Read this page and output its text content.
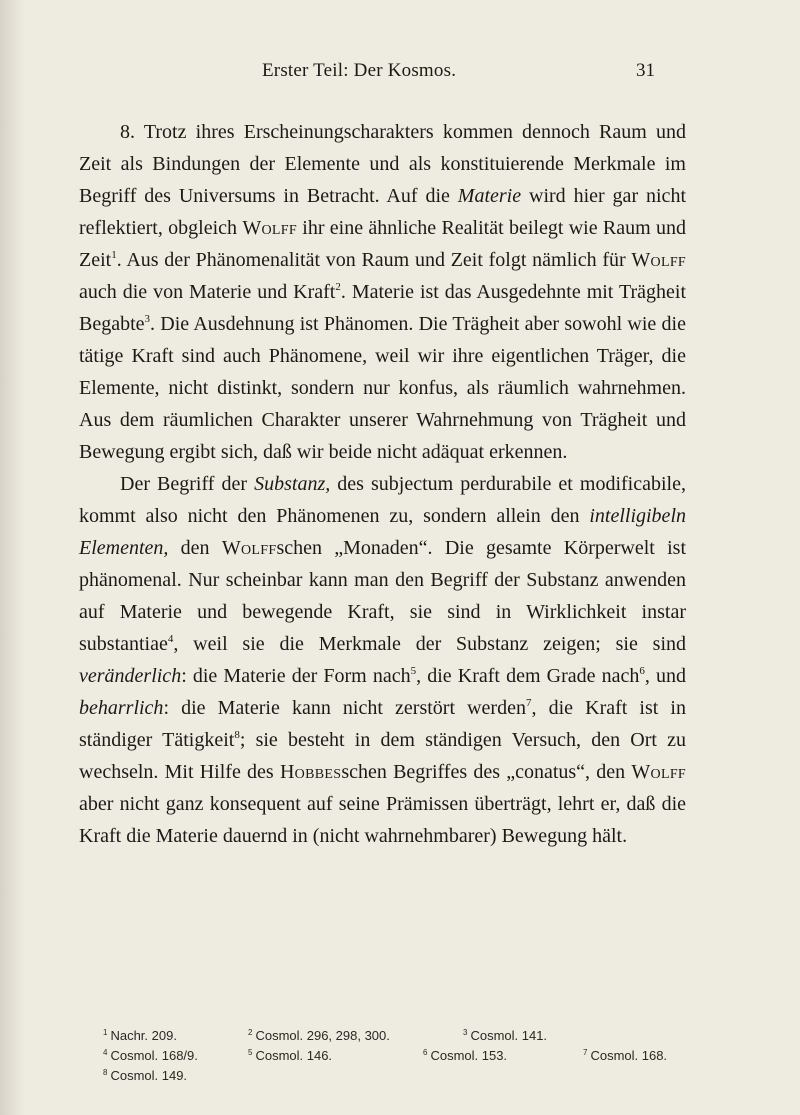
Erster Teil: Der Kosmos.	31

8. Trotz ihres Erscheinungscharakters kommen dennoch Raum und Zeit als Bindungen der Elemente und als konstituierende Merkmale im Begriff des Universums in Betracht. Auf die Materie wird hier gar nicht reflektiert, obgleich Wolff ihr eine ähnliche Realität beilegt wie Raum und Zeit$^1$. Aus der Phänomenalität von Raum und Zeit folgt nämlich für Wolff auch die von Materie und Kraft$^2$. Materie ist das Ausgedehnte mit Trägheit Begabte$^3$. Die Ausdehnung ist Phänomen. Die Trägheit aber sowohl wie die tätige Kraft sind auch Phänomene, weil wir ihre eigentlichen Träger, die Elemente, nicht distinkt, sondern nur konfus, als räumlich wahrnehmen. Aus dem räumlichen Charakter unserer Wahrnehmung von Trägheit und Bewegung ergibt sich, daß wir beide nicht adäquat erkennen.

Der Begriff der Substanz, des subjectum perdurabile et modificabile, kommt also nicht den Phänomenen zu, sondern allein den intelligibeln Elementen, den Wolffschen „Monaden“. Die gesamte Körperwelt ist phänomenal. Nur scheinbar kann man den Begriff der Substanz anwenden auf Materie und bewegende Kraft, sie sind in Wirklichkeit instar substantiae$^4$, weil sie die Merkmale der Substanz zeigen; sie sind veränderlich: die Materie der Form nach$^5$, die Kraft dem Grade nach$^6$, und beharrlich: die Materie kann nicht zerstört werden$^7$, die Kraft ist in ständiger Tätigkeit$^8$; sie besteht in dem ständigen Versuch, den Ort zu wechseln. Mit Hilfe des Hobbesschen Begriffes des „conatus“, den Wolff aber nicht ganz konsequent auf seine Prämissen überträgt, lehrt er, daß die Kraft die Materie dauernd in (nicht wahrnehmbarer) Bewegung hält.

$^1$ Nachr. 209.	$^2$ Cosmol. 296, 298, 300.	$^3$ Cosmol. 141.
$^4$ Cosmol. 168/9.	$^5$ Cosmol. 146.	$^6$ Cosmol. 153.	$^7$ Cosmol. 168.
$^8$ Cosmol. 149.
